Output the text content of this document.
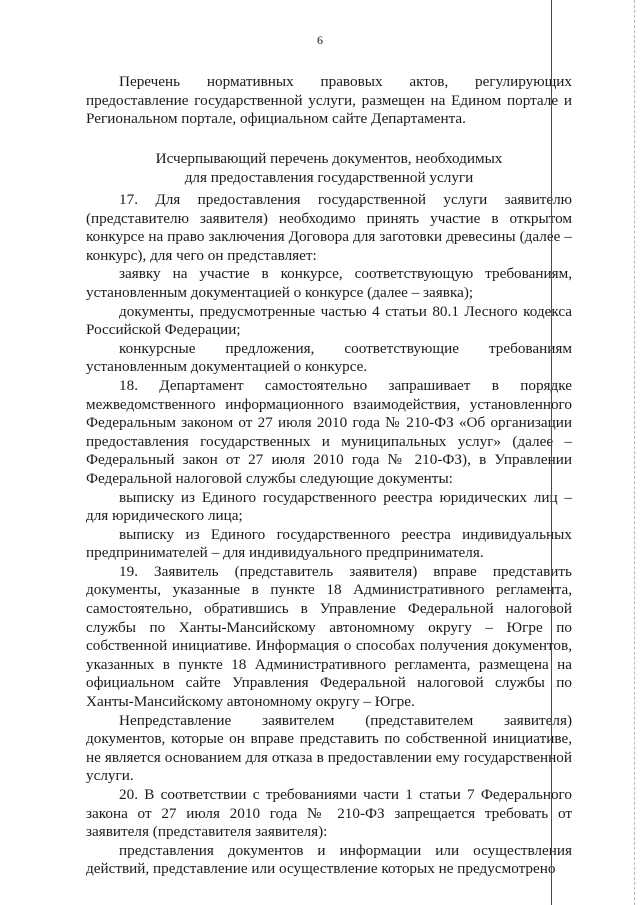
6

Перечень нормативных правовых актов, регулирующих предоставление государственной услуги, размещен на Едином портале и Региональном портале, официальном сайте Департамента.

Исчерпывающий перечень документов, необходимых

для предоставления государственной услуги

17. Для предоставления государственной услуги заявителю (представителю заявителя) необходимо принять участие в открытом конкурсе на право заключения Договора для заготовки древесины (далее – конкурс), для чего он представляет:

заявку на участие в конкурсе, соответствующую требованиям, установленным документацией о конкурсе (далее – заявка);

документы, предусмотренные частью 4 статьи 80.1 Лесного кодекса Российской Федерации;

конкурсные предложения, соответствующие требованиям установленным документацией о конкурсе.

18. Департамент самостоятельно запрашивает в порядке межведомственного информационного взаимодействия, установленного Федеральным законом от 27 июля 2010 года № 210-ФЗ «Об организации предоставления государственных и муниципальных услуг» (далее – Федеральный закон от 27 июля 2010 года № 210-ФЗ), в Управлении Федеральной налоговой службы следующие документы:

выписку из Единого государственного реестра юридических лиц – для юридического лица;

выписку из Единого государственного реестра индивидуальных предпринимателей – для индивидуального предпринимателя.

19. Заявитель (представитель заявителя) вправе представить документы, указанные в пункте 18 Административного регламента, самостоятельно, обратившись в Управление Федеральной налоговой службы по Ханты-Мансийскому автономному округу – Югре по собственной инициативе. Информация о способах получения документов, указанных в пункте 18 Административного регламента, размещена на официальном сайте Управления Федеральной налоговой службы по Ханты-Мансийскому автономному округу – Югре.

Непредставление заявителем (представителем заявителя) документов, которые он вправе представить по собственной инициативе, не является основанием для отказа в предоставлении ему государственной услуги.

20. В соответствии с требованиями части 1 статьи 7 Федерального закона от 27 июля 2010 года № 210-ФЗ запрещается требовать от заявителя (представителя заявителя):

представления документов и информации или осуществления действий, представление или осуществление которых не предусмотрено
